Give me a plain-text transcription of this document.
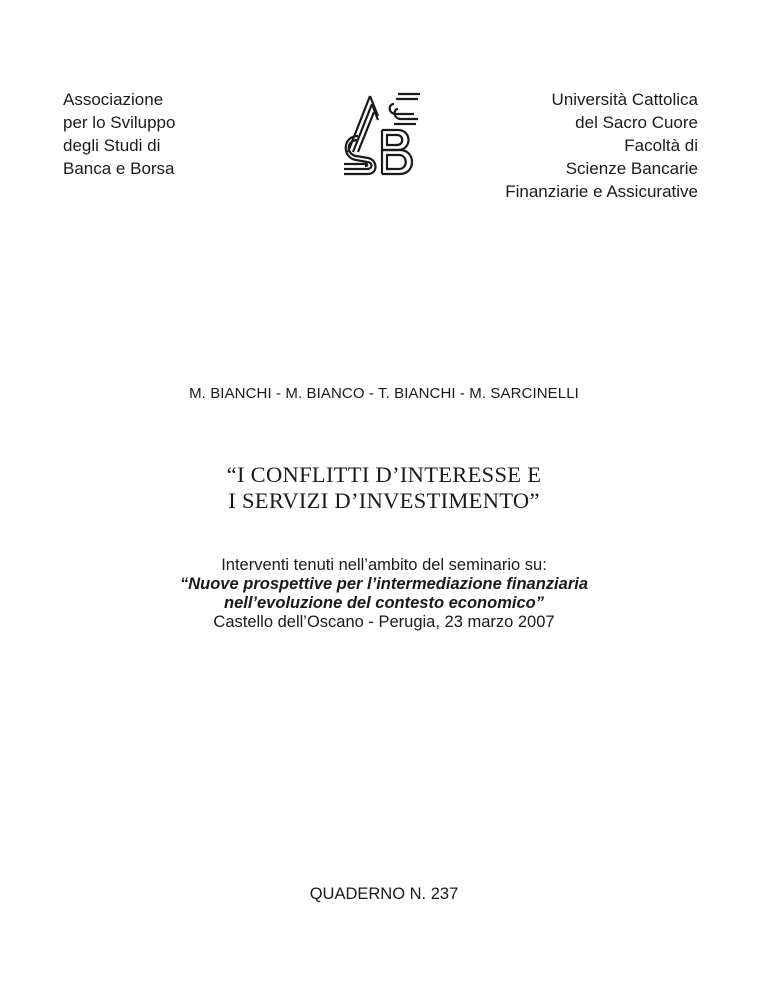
Associazione
per lo Sviluppo
degli Studi di
Banca e Borsa
Università Cattolica
del Sacro Cuore
Facoltà di
Scienze Bancarie
Finanziarie e Assicurative
M. BIANCHI - M. BIANCO - T. BIANCHI - M. SARCINELLI
“I CONFLITTI D’INTERESSE E
I SERVIZI D’INVESTIMENTO”
Interventi tenuti nell’ambito del seminario su:
“Nuove prospettive per l’intermediazione finanziaria
nell’evoluzione del contesto economico”
Castello dell’Oscano - Perugia, 23 marzo 2007
QUADERNO N. 237
